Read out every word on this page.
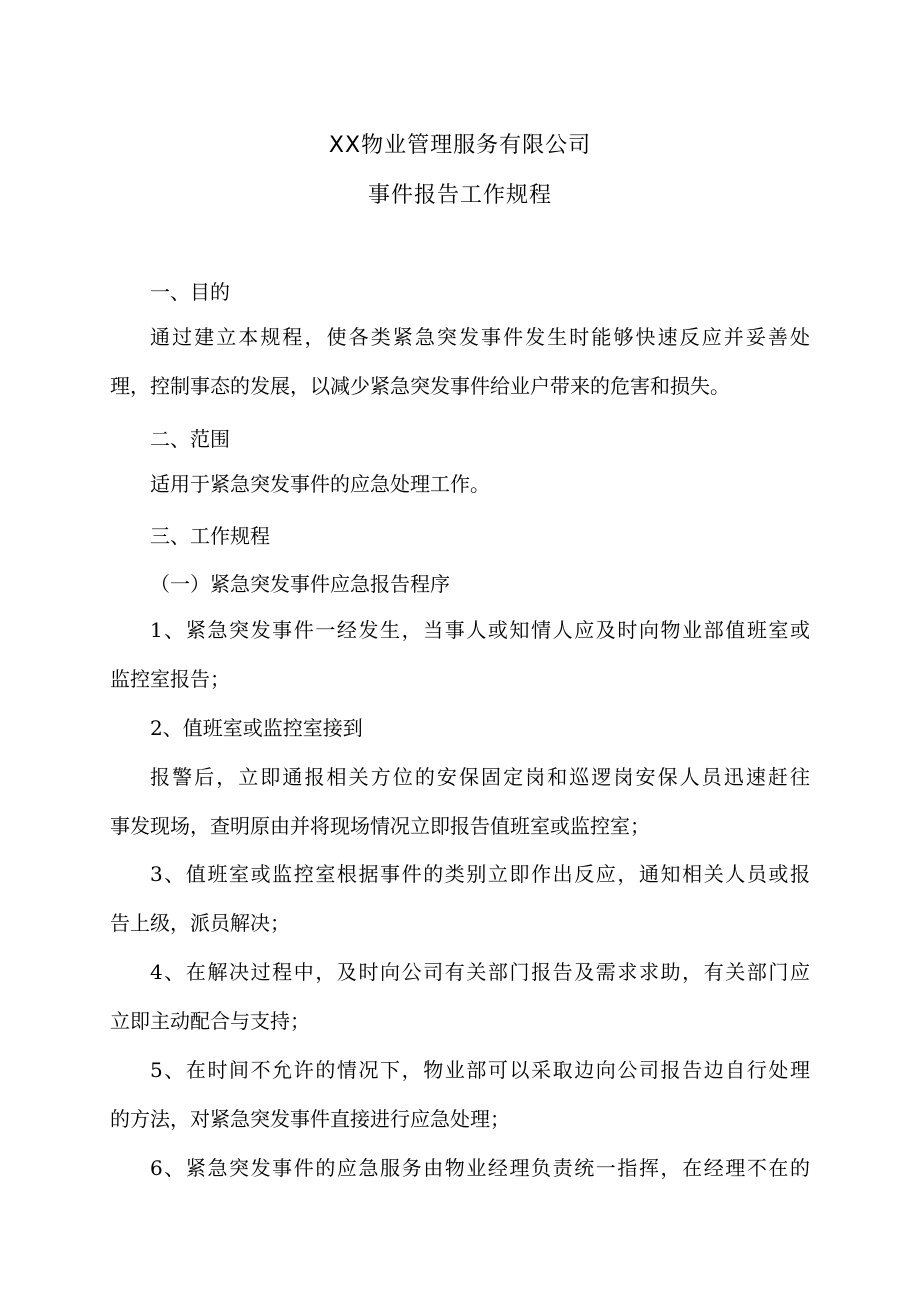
XX物业管理服务有限公司
事件报告工作规程
一、目的
通过建立本规程，使各类紧急突发事件发生时能够快速反应并妥善处
理，控制事态的发展，以减少紧急突发事件给业户带来的危害和损失。
二、范围
适用于紧急突发事件的应急处理工作。
三、工作规程
（一）紧急突发事件应急报告程序
1、紧急突发事件一经发生，当事人或知情人应及时向物业部值班室或
监控室报告；
2、值班室或监控室接到
报警后，立即通报相关方位的安保固定岗和巡逻岗安保人员迅速赶往
事发现场，查明原由并将现场情况立即报告值班室或监控室；
3、值班室或监控室根据事件的类别立即作出反应，通知相关人员或报
告上级，派员解决；
4、在解决过程中，及时向公司有关部门报告及需求求助，有关部门应
立即主动配合与支持；
5、在时间不允许的情况下，物业部可以采取边向公司报告边自行处理
的方法，对紧急突发事件直接进行应急处理；
6、紧急突发事件的应急服务由物业经理负责统一指挥，在经理不在的
